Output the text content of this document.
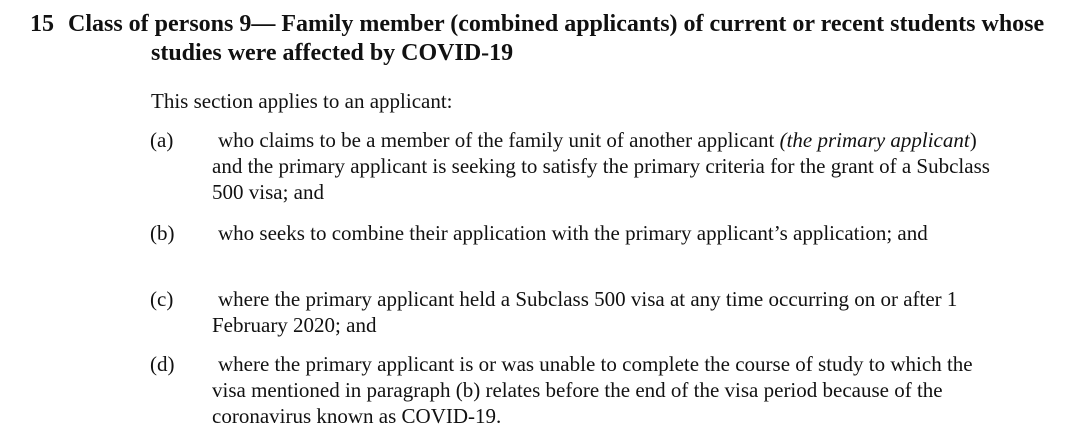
15 Class of persons 9— Family member (combined applicants) of current or recent students whose studies were affected by COVID-19
This section applies to an applicant:
(a) who claims to be a member of the family unit of another applicant (the primary applicant) and the primary applicant is seeking to satisfy the primary criteria for the grant of a Subclass 500 visa; and
(b) who seeks to combine their application with the primary applicant’s application; and
(c) where the primary applicant held a Subclass 500 visa at any time occurring on or after 1 February 2020; and
(d) where the primary applicant is or was unable to complete the course of study to which the visa mentioned in paragraph (b) relates before the end of the visa period because of the coronavirus known as COVID-19.
